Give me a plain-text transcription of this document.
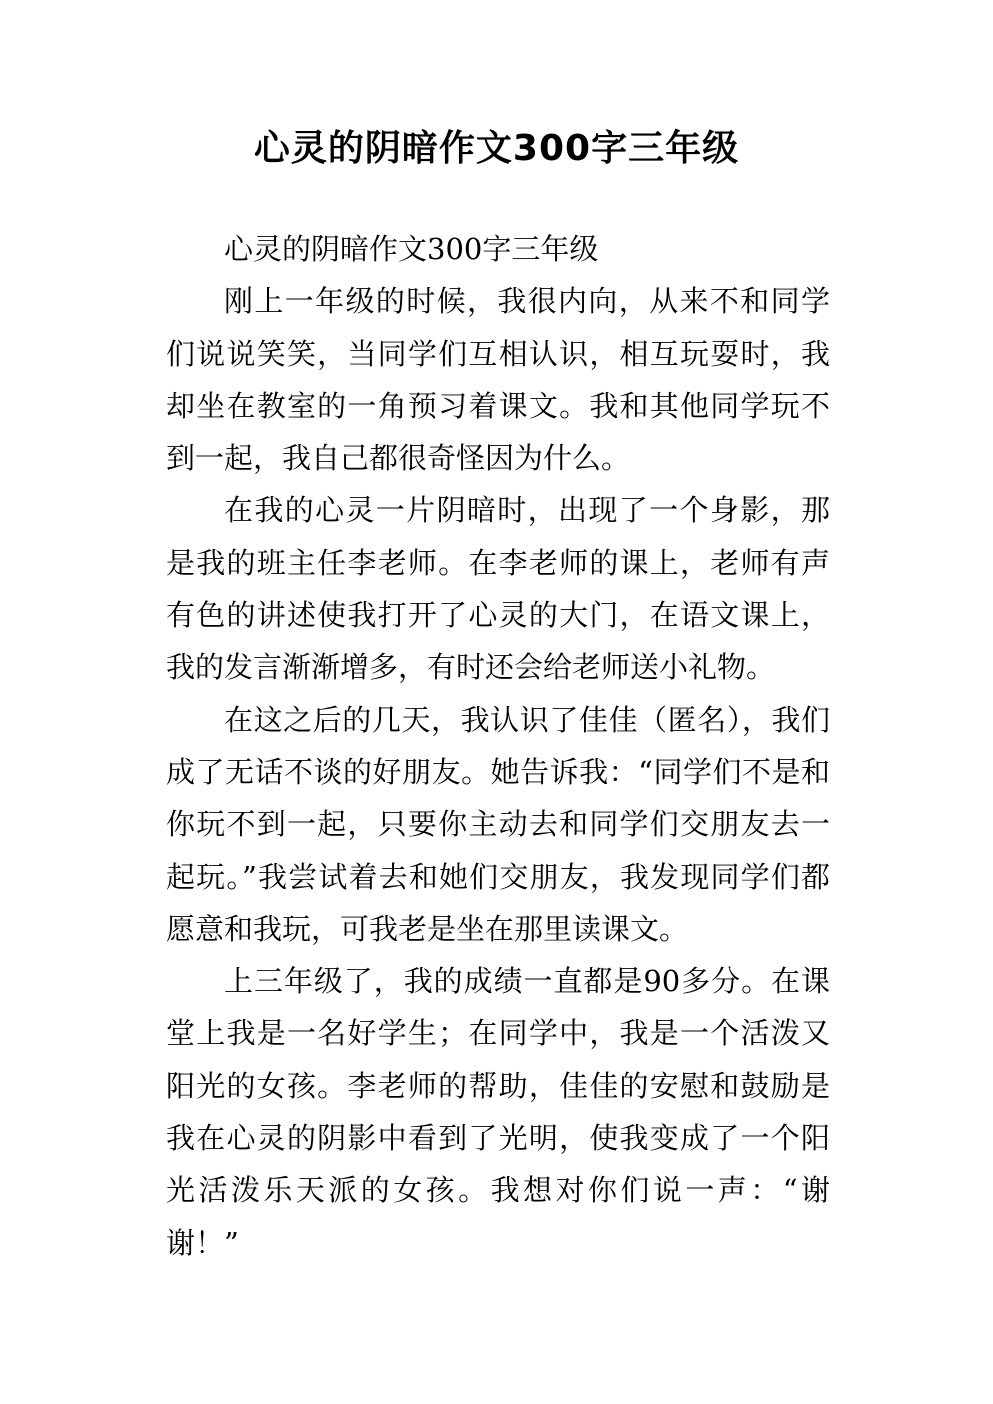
心灵的阴暗作文300字三年级

心灵的阴暗作文300字三年级

刚上一年级的时候，我很内向，从来不和同学们说说笑笑，当同学们互相认识，相互玩耍时，我却坐在教室的一角预习着课文。我和其他同学玩不到一起，我自己都很奇怪因为什么。

在我的心灵一片阴暗时，出现了一个身影，那是我的班主任李老师。在李老师的课上，老师有声有色的讲述使我打开了心灵的大门，在语文课上，我的发言渐渐增多，有时还会给老师送小礼物。

在这之后的几天，我认识了佳佳（匿名），我们成了无话不谈的好朋友。她告诉我：“同学们不是和你玩不到一起，只要你主动去和同学们交朋友去一起玩。”我尝试着去和她们交朋友，我发现同学们都愿意和我玩，可我老是坐在那里读课文。

上三年级了，我的成绩一直都是90多分。在课堂上我是一名好学生；在同学中，我是一个活泼又阳光的女孩。李老师的帮助，佳佳的安慰和鼓励是我在心灵的阴影中看到了光明，使我变成了一个阳光活泼乐天派的女孩。我想对你们说一声：“谢谢！”
